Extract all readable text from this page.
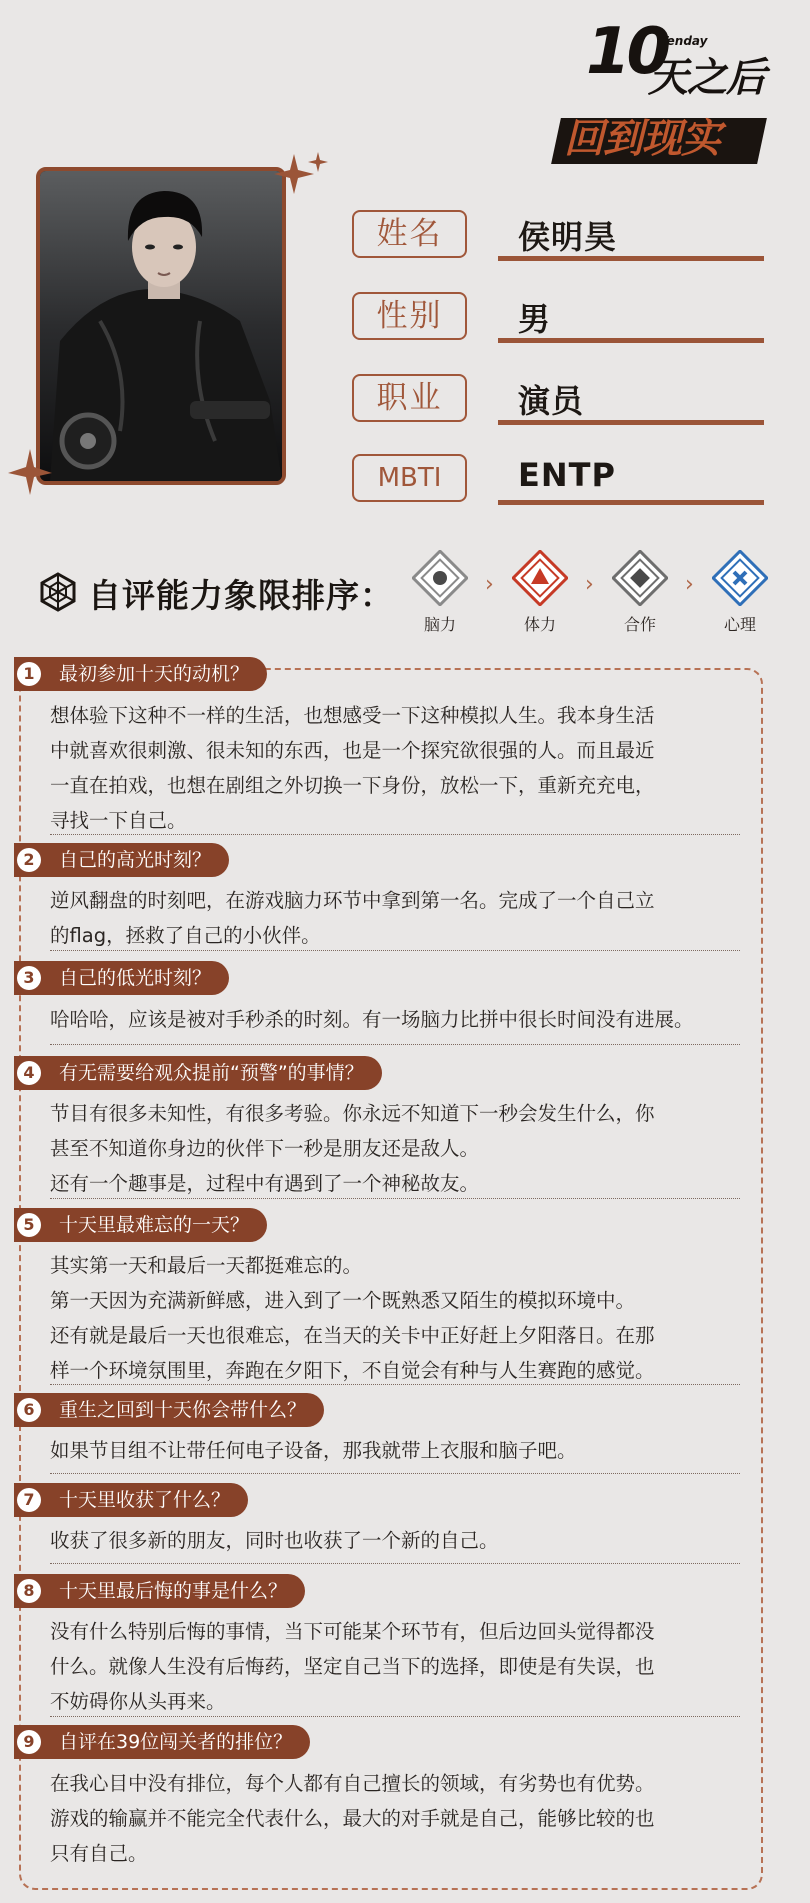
10
Tenday
天之后
回到现实
姓名	侯明昊
性别	男
职业	演员
MBTI	ENTP
自评能力象限排序：
脑力
›
体力
›
合作
›
心理
1	最初参加十天的动机？
想体验下这种不一样的生活，也想感受一下这种模拟人生。我本身生活
中就喜欢很刺激、很未知的东西，也是一个探究欲很强的人。而且最近
一直在拍戏，也想在剧组之外切换一下身份，放松一下，重新充充电，
寻找一下自己。
2	自己的高光时刻？
逆风翻盘的时刻吧，在游戏脑力环节中拿到第一名。完成了一个自己立
的flag，拯救了自己的小伙伴。
3	自己的低光时刻？
哈哈哈，应该是被对手秒杀的时刻。有一场脑力比拼中很长时间没有进展。
4	有无需要给观众提前“预警”的事情？
节目有很多未知性，有很多考验。你永远不知道下一秒会发生什么，你
甚至不知道你身边的伙伴下一秒是朋友还是敌人。
还有一个趣事是，过程中有遇到了一个神秘故友。
5	十天里最难忘的一天？
其实第一天和最后一天都挺难忘的。
第一天因为充满新鲜感，进入到了一个既熟悉又陌生的模拟环境中。
还有就是最后一天也很难忘，在当天的关卡中正好赶上夕阳落日。在那
样一个环境氛围里，奔跑在夕阳下，不自觉会有种与人生赛跑的感觉。
6	重生之回到十天你会带什么？
如果节目组不让带任何电子设备，那我就带上衣服和脑子吧。
7	十天里收获了什么？
收获了很多新的朋友，同时也收获了一个新的自己。
8	十天里最后悔的事是什么？
没有什么特别后悔的事情，当下可能某个环节有，但后边回头觉得都没
什么。就像人生没有后悔药，坚定自己当下的选择，即使是有失误，也
不妨碍你从头再来。
9	自评在39位闯关者的排位？
在我心目中没有排位，每个人都有自己擅长的领域，有劣势也有优势。
游戏的输赢并不能完全代表什么，最大的对手就是自己，能够比较的也
只有自己。
